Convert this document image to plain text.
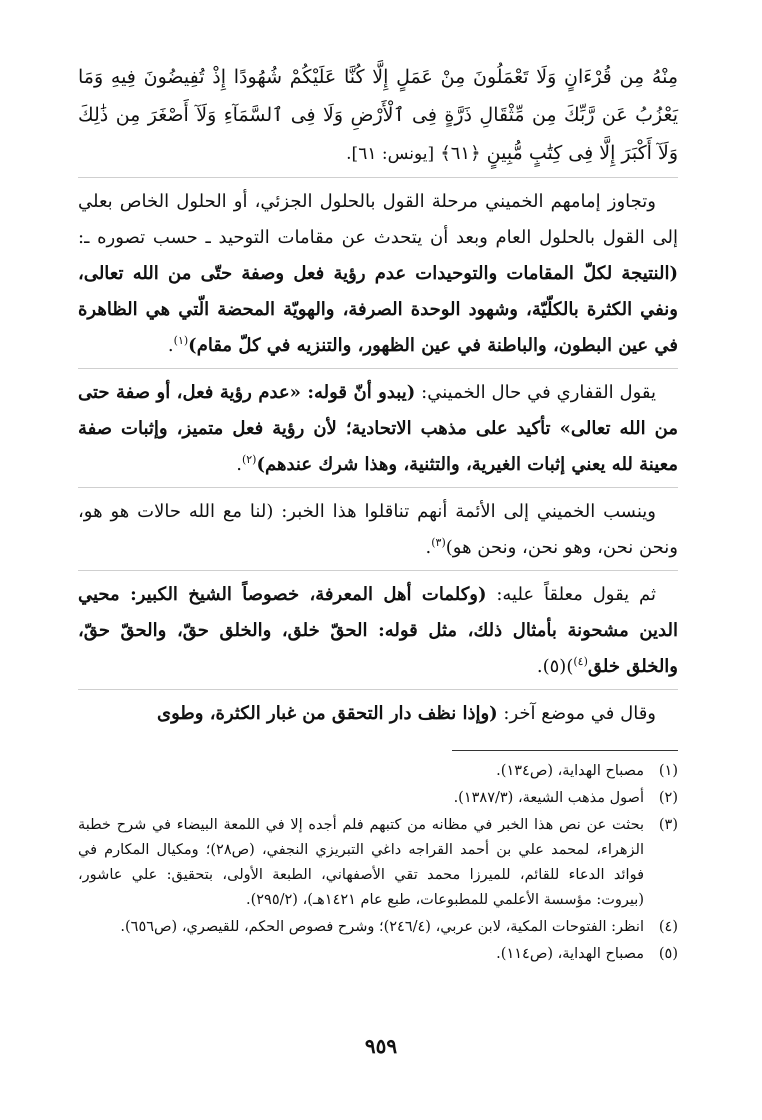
مِنْهُ مِن قُرْءَانٍ وَلَا تَعْمَلُونَ مِنْ عَمَلٍ إِلَّا كُنَّا عَلَيْكُمْ شُهُودًا إِذْ تُفِيضُونَ فِيهِ وَمَا يَعْزُبُ عَن رَّبِّكَ مِن مِّثْقَالِ ذَرَّةٍ فِى ٱلْأَرْضِ وَلَا فِى ٱلسَّمَآءِ وَلَآ أَصْغَرَ مِن ذَٰلِكَ وَلَآ أَكْبَرَ إِلَّا فِى كِتَٰبٍ مُّبِينٍ ﴿٦١﴾ [يونس: ٦١].

وتجاوز إمامهم الخميني مرحلة القول بالحلول الجزئي، أو الحلول الخاص بعلي إلى القول بالحلول العام وبعد أن يتحدث عن مقامات التوحيد ـ حسب تصوره ـ: (النتيجة لكلّ المقامات والتوحيدات عدم رؤية فعل وصفة حتّى من الله تعالى، ونفي الكثرة بالكلّيّة، وشهود الوحدة الصرفة، والهويّة المحضة الّتي هي الظاهرة في عين البطون، والباطنة في عين الظهور، والتنزيه في كلّ مقام)$^{(١)}$.

يقول القفاري في حال الخميني: (يبدو أنّ قوله: «عدم رؤية فعل، أو صفة حتى من الله تعالى» تأكيد على مذهب الاتحادية؛ لأن رؤية فعل متميز، وإثبات صفة معينة لله يعني إثبات الغيرية، والتثنية، وهذا شرك عندهم)$^{(٢)}$.

وينسب الخميني إلى الأئمة أنهم تناقلوا هذا الخبر: (لنا مع الله حالات هو هو، ونحن نحن، وهو نحن، ونحن هو)$^{(٣)}$.

ثم يقول معلقاً عليه: (وكلمات أهل المعرفة، خصوصاً الشيخ الكبير: محيي الدين مشحونة بأمثال ذلك، مثل قوله: الحقّ خلق، والخلق حقّ، والحقّ حقّ، والخلق خلق$^{(٤)}$)(٥).

وقال في موضع آخر: (وإذا نظف دار التحقق من غبار الكثرة، وطوى

(١)
مصباح الهداية، (ص١٣٤).
(٢)
أصول مذهب الشيعة، (١٣٨٧/٣).
(٣)
بحثت عن نص هذا الخبر في مظانه من كتبهم فلم أجده إلا في اللمعة البيضاء في شرح خطبة الزهراء، لمحمد علي بن أحمد القراجه داغي التبريزي النجفي، (ص٢٨)؛ ومكيال المكارم في فوائد الدعاء للقائم، للميرزا محمد تقي الأصفهاني، الطبعة الأولى، بتحقيق: علي عاشور، (بيروت: مؤسسة الأعلمي للمطبوعات، طبع عام ١٤٢١هـ)، (٢٩٥/٢).
(٤)
انظر: الفتوحات المكية، لابن عربي، (٢٤٦/٤)؛ وشرح فصوص الحكم، للقيصري، (ص٦٥٦).
(٥)
مصباح الهداية، (ص١١٤).
٩٥٩
